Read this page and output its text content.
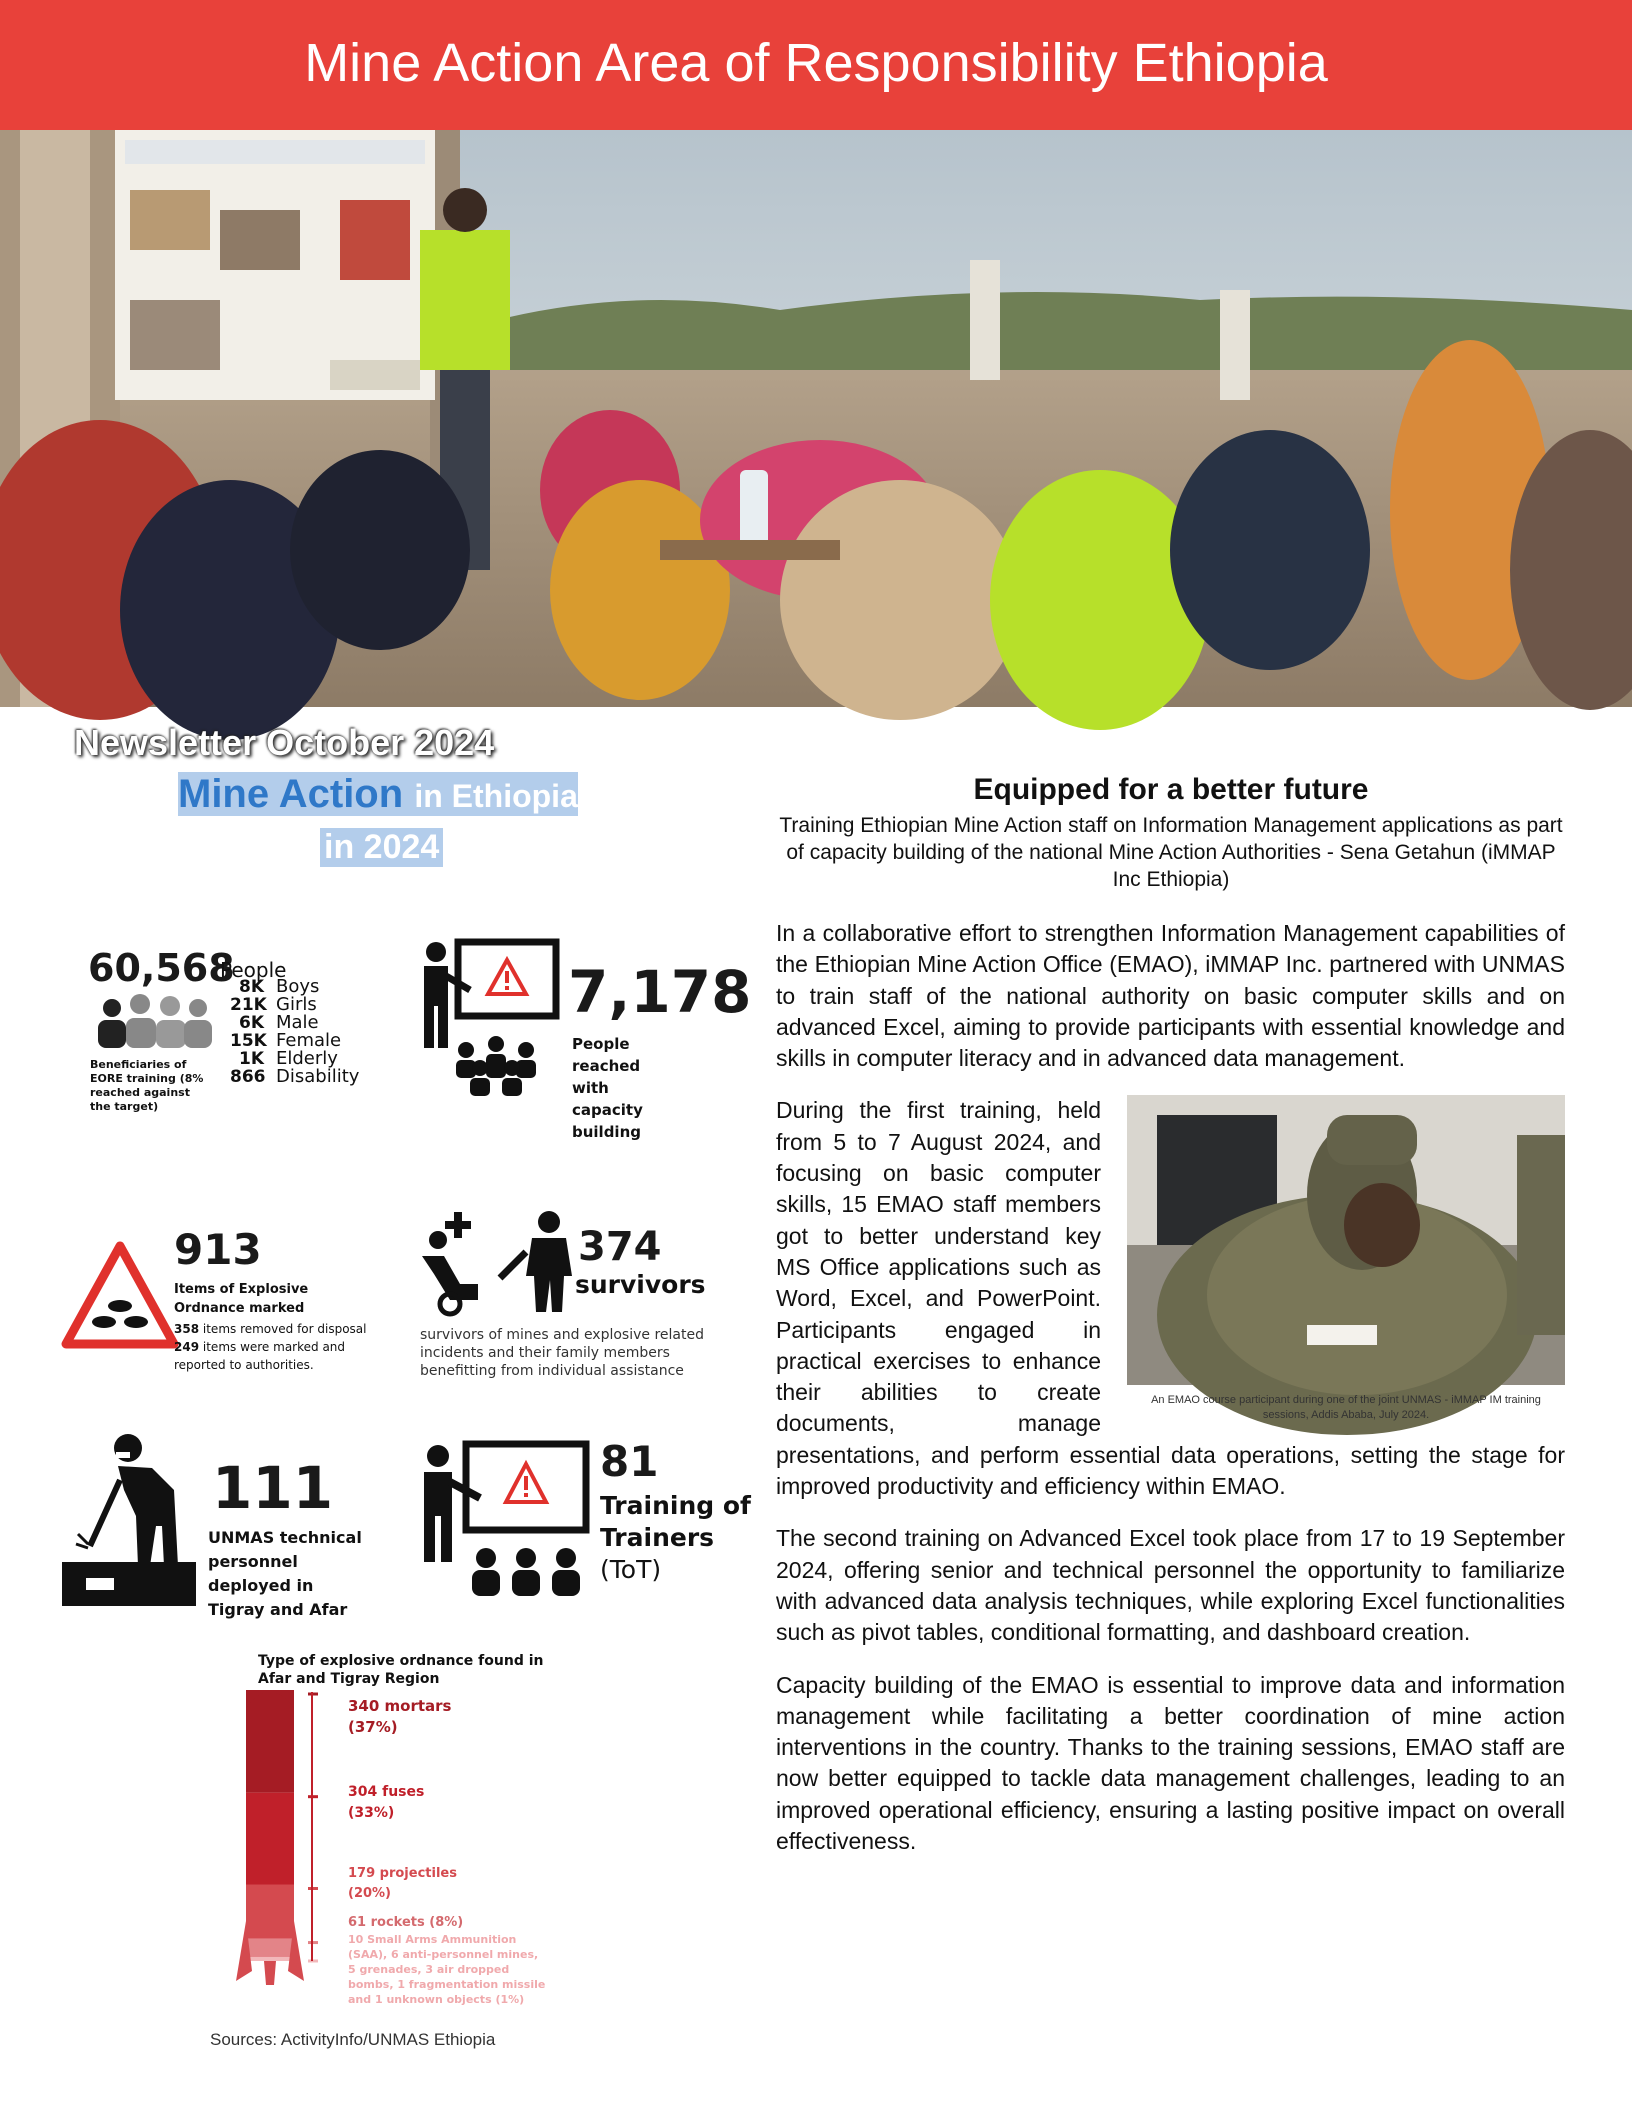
Mine Action Area of Responsibility Ethiopia
Newsletter October 2024
Mine Action in Ethiopia
in 2024
60,568
People
8K Boys
21K Girls
6K Male
15K Female
1K Elderly
866 Disability
Beneficiaries of EORE training (8% reached against the target)
7,178
People reached with capacity building
913
Items of Explosive Ordnance marked
358 items removed for disposal
249 items were marked and reported to authorities.
374
survivors
survivors of mines and explosive related incidents and their family members benefitting from individual assistance
111
UNMAS technical personnel deployed in Tigray and Afar
81
Training of
Trainers
(ToT)
Type of explosive ordnance found in Afar and Tigray Region
340 mortars
(37%)
304 fuses
(33%)
179 projectiles
(20%)
61 rockets (8%)
10 Small Arms Ammunition (SAA), 6 anti-personnel mines, 5 grenades, 3 air dropped bombs, 1 fragmentation missile and 1 unknown objects (1%)
Sources: ActivityInfo/UNMAS Ethiopia
Equipped for a better future
Training Ethiopian Mine Action staff on Information Management applications as part of capacity building of the national Mine Action Authorities - Sena Getahun (iMMAP Inc Ethiopia)

In a collaborative effort to strengthen Information Management capabilities of the Ethiopian Mine Action Office (EMAO), iMMAP Inc. partnered with UNMAS to train staff of the national authority on basic computer skills and on advanced Excel, aiming to provide participants with essential knowledge and skills in computer literacy and in advanced data management.

An EMAO course participant during one of the joint UNMAS - iMMAP IM training sessions, Addis Ababa, July 2024.

During the first training, held from 5 to 7 August 2024, and focusing on basic computer skills, 15 EMAO staff members got to better understand key MS Office applications such as Word, Excel, and PowerPoint. Participants engaged in practical exercises to enhance their abilities to create documents, manage presentations, and perform essential data operations, setting the stage for improved productivity and efficiency within EMAO.

The second training on Advanced Excel took place from 17 to 19 September 2024, offering senior and technical personnel the opportunity to familiarize with advanced data analysis techniques, while exploring Excel functionalities such as pivot tables, conditional formatting, and dashboard creation.

Capacity building of the EMAO is essential to improve data and information management while facilitating a better coordination of mine action interventions in the country. Thanks to the training sessions, EMAO staff are now better equipped to tackle data management challenges, leading to an improved operational efficiency, ensuring a lasting positive impact on overall effectiveness.
